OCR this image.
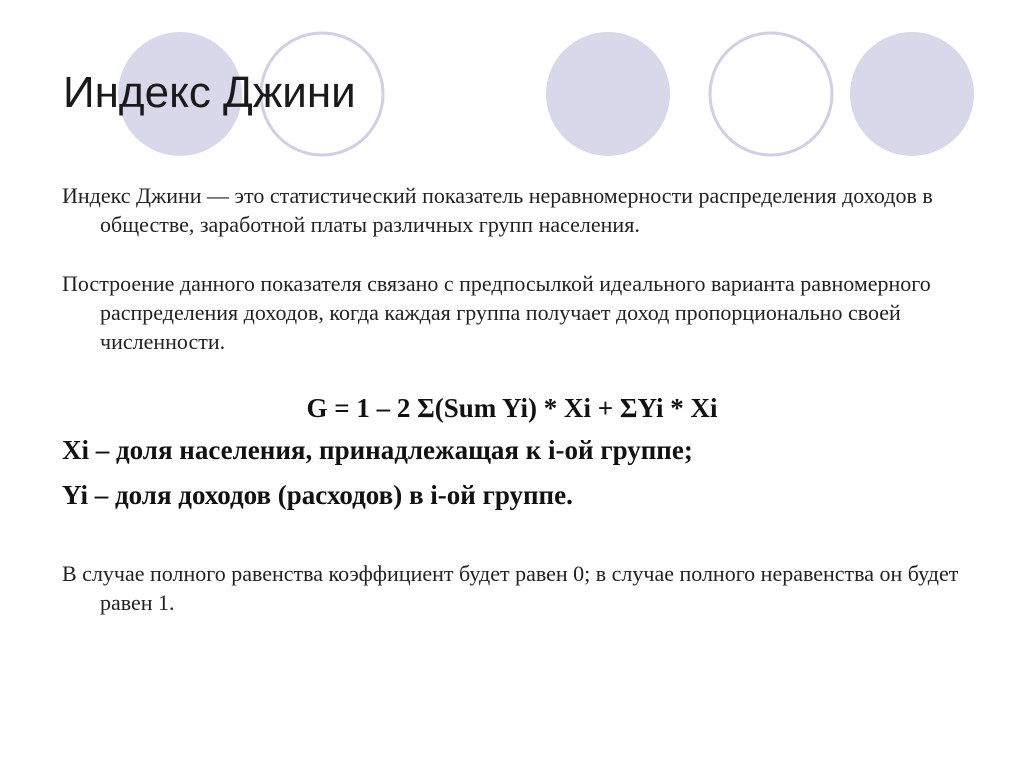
Индекс Джини

Индекс Джини — это статистический показатель неравномерности распределения доходов в обществе, заработной платы различных групп населения.

Построение данного показателя связано с предпосылкой идеального варианта равномерного распределения доходов, когда каждая группа получает доход пропорционально своей численности.

G = 1 – 2 Σ(Sum Yi) * Xi + ΣYi * Xi

Xi – доля населения, принадлежащая к i-ой группе;

Yi – доля доходов (расходов) в i-ой группе.

В случае полного равенства коэффициент будет равен 0; в случае полного неравенства он будет равен 1.
